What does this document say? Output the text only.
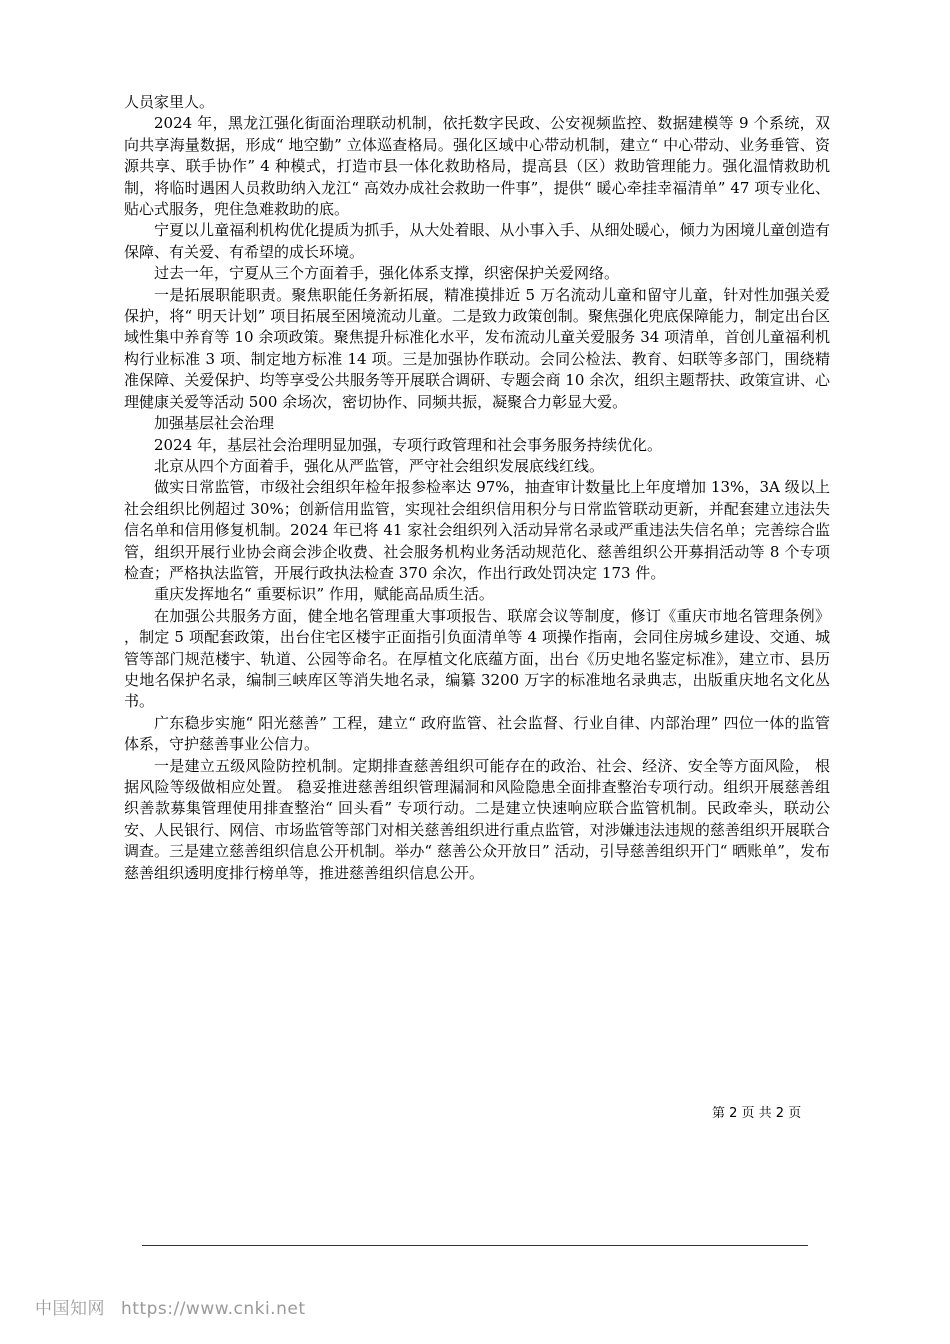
人员家里人。

2024 年，黑龙江强化街面治理联动机制，依托数字民政、公安视频监控、数据建模等 9 个系统，双向共享海量数据，形成“ 地空勤” 立体巡查格局。强化区域中心带动机制，建立“ 中心带动、业务垂管、资源共享、联手协作” 4 种模式，打造市县一体化救助格局，提高县（区）救助管理能力。强化温情救助机制，将临时遇困人员救助纳入龙江“ 高效办成社会救助一件事”，提供“ 暖心牵挂幸福清单” 47 项专业化、贴心式服务，兜住急难救助的底。

宁夏以儿童福利机构优化提质为抓手，从大处着眼、从小事入手、从细处暖心，倾力为困境儿童创造有保障、有关爱、有希望的成长环境。

过去一年，宁夏从三个方面着手，强化体系支撑，织密保护关爱网络。

一是拓展职能职责。聚焦职能任务新拓展，精准摸排近 5 万名流动儿童和留守儿童，针对性加强关爱保护，将“ 明天计划” 项目拓展至困境流动儿童。二是致力政策创制。聚焦强化兜底保障能力，制定出台区域性集中养育等 10 余项政策。聚焦提升标准化水平，发布流动儿童关爱服务 34 项清单，首创儿童福利机构行业标准 3 项、制定地方标准 14 项。三是加强协作联动。会同公检法、教育、妇联等多部门，围绕精准保障、关爱保护、均等享受公共服务等开展联合调研、专题会商 10 余次，组织主题帮扶、政策宣讲、心理健康关爱等活动 500 余场次，密切协作、同频共振，凝聚合力彰显大爱。

加强基层社会治理

2024 年，基层社会治理明显加强，专项行政管理和社会事务服务持续优化。

北京从四个方面着手，强化从严监管，严守社会组织发展底线红线。

做实日常监管，市级社会组织年检年报参检率达 97%，抽查审计数量比上年度增加 13%，3A 级以上社会组织比例超过 30%；创新信用监管，实现社会组织信用积分与日常监管联动更新，并配套建立违法失信名单和信用修复机制。2024 年已将 41 家社会组织列入活动异常名录或严重违法失信名单；完善综合监管，组织开展行业协会商会涉企收费、社会服务机构业务活动规范化、慈善组织公开募捐活动等 8 个专项检查；严格执法监管，开展行政执法检查 370 余次，作出行政处罚决定 173 件。

重庆发挥地名“ 重要标识” 作用，赋能高品质生活。

在加强公共服务方面，健全地名管理重大事项报告、联席会议等制度，修订《重庆市地名管理条例》 ，制定 5 项配套政策，出台住宅区楼宇正面指引负面清单等 4 项操作指南，会同住房城乡建设、交通、城管等部门规范楼宇、轨道、公园等命名。在厚植文化底蕴方面，出台《历史地名鉴定标准》，建立市、县历史地名保护名录，编制三峡库区等消失地名录，编纂 3200 万字的标准地名录典志，出版重庆地名文化丛书。

广东稳步实施“ 阳光慈善” 工程，建立“ 政府监管、社会监督、行业自律、内部治理” 四位一体的监管体系，守护慈善事业公信力。

一是建立五级风险防控机制。定期排查慈善组织可能存在的政治、社会、经济、安全等方面风险， 根据风险等级做相应处置。 稳妥推进慈善组织管理漏洞和风险隐患全面排查整治专项行动。组织开展慈善组织善款募集管理使用排查整治“ 回头看” 专项行动。二是建立快速响应联合监管机制。民政牵头，联动公安、人民银行、网信、市场监管等部门对相关慈善组织进行重点监管，对涉嫌违法违规的慈善组织开展联合调查。三是建立慈善组织信息公开机制。举办“ 慈善公众开放日” 活动，引导慈善组织开门“ 晒账单”，发布慈善组织透明度排行榜单等，推进慈善组织信息公开。

第 2 页 共 2 页
中国知网 https://www.cnki.net
